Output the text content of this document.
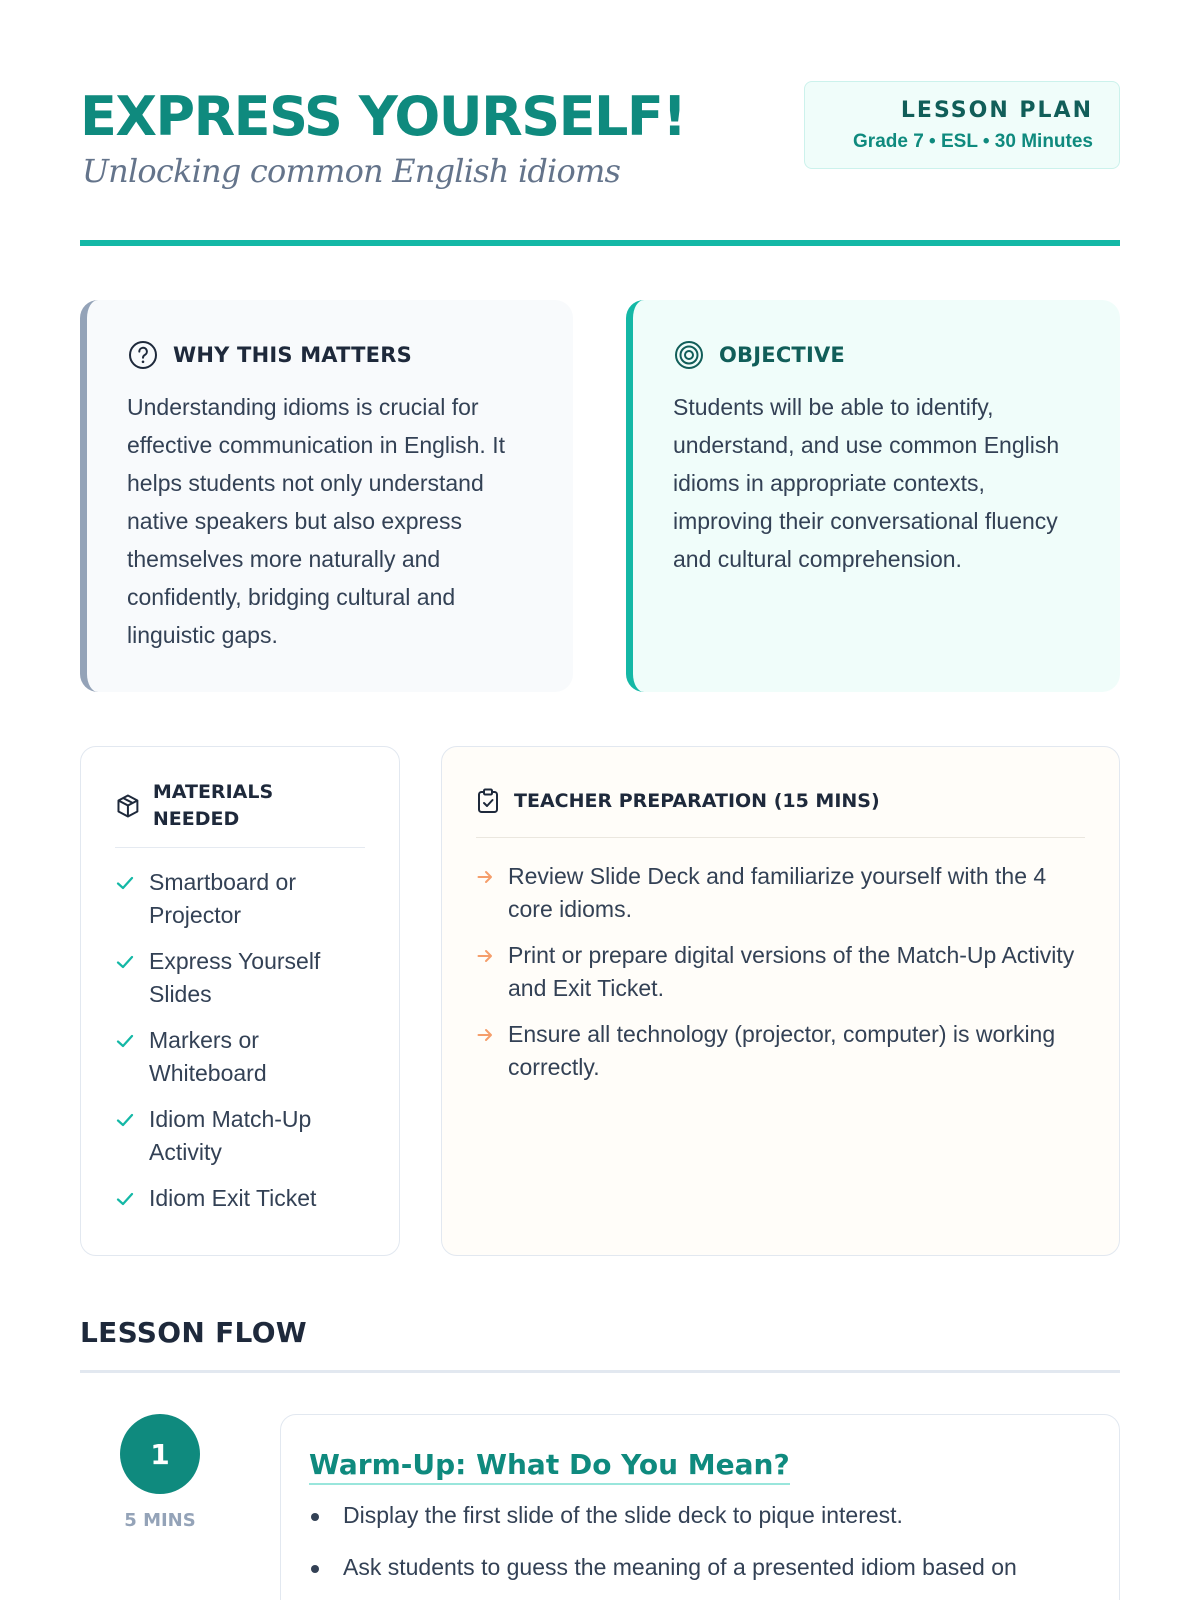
EXPRESS YOURSELF!
Unlocking common English idioms
LESSON PLAN
Grade 7 • ESL • 30 Minutes
WHY THIS MATTERS

Understanding idioms is crucial for effective communication in English. It helps students not only understand native speakers but also express themselves more naturally and confidently, bridging cultural and linguistic gaps.

OBJECTIVE

Students will be able to identify, understand, and use common English idioms in appropriate contexts, improving their conversational fluency and cultural comprehension.

MATERIALS NEEDED
Smartboard or Projector
Express Yourself Slides
Markers or Whiteboard
Idiom Match-Up Activity
Idiom Exit Ticket
TEACHER PREPARATION (15 MINS)
Review Slide Deck and familiarize yourself with the 4 core idioms.
Print or prepare digital versions of the Match-Up Activity and Exit Ticket.
Ensure all technology (projector, computer) is working correctly.
LESSON FLOW
1
5 MINS
Warm-Up: What Do You Mean?
Display the first slide of the slide deck to pique interest.
Ask students to guess the meaning of a presented idiom based on
